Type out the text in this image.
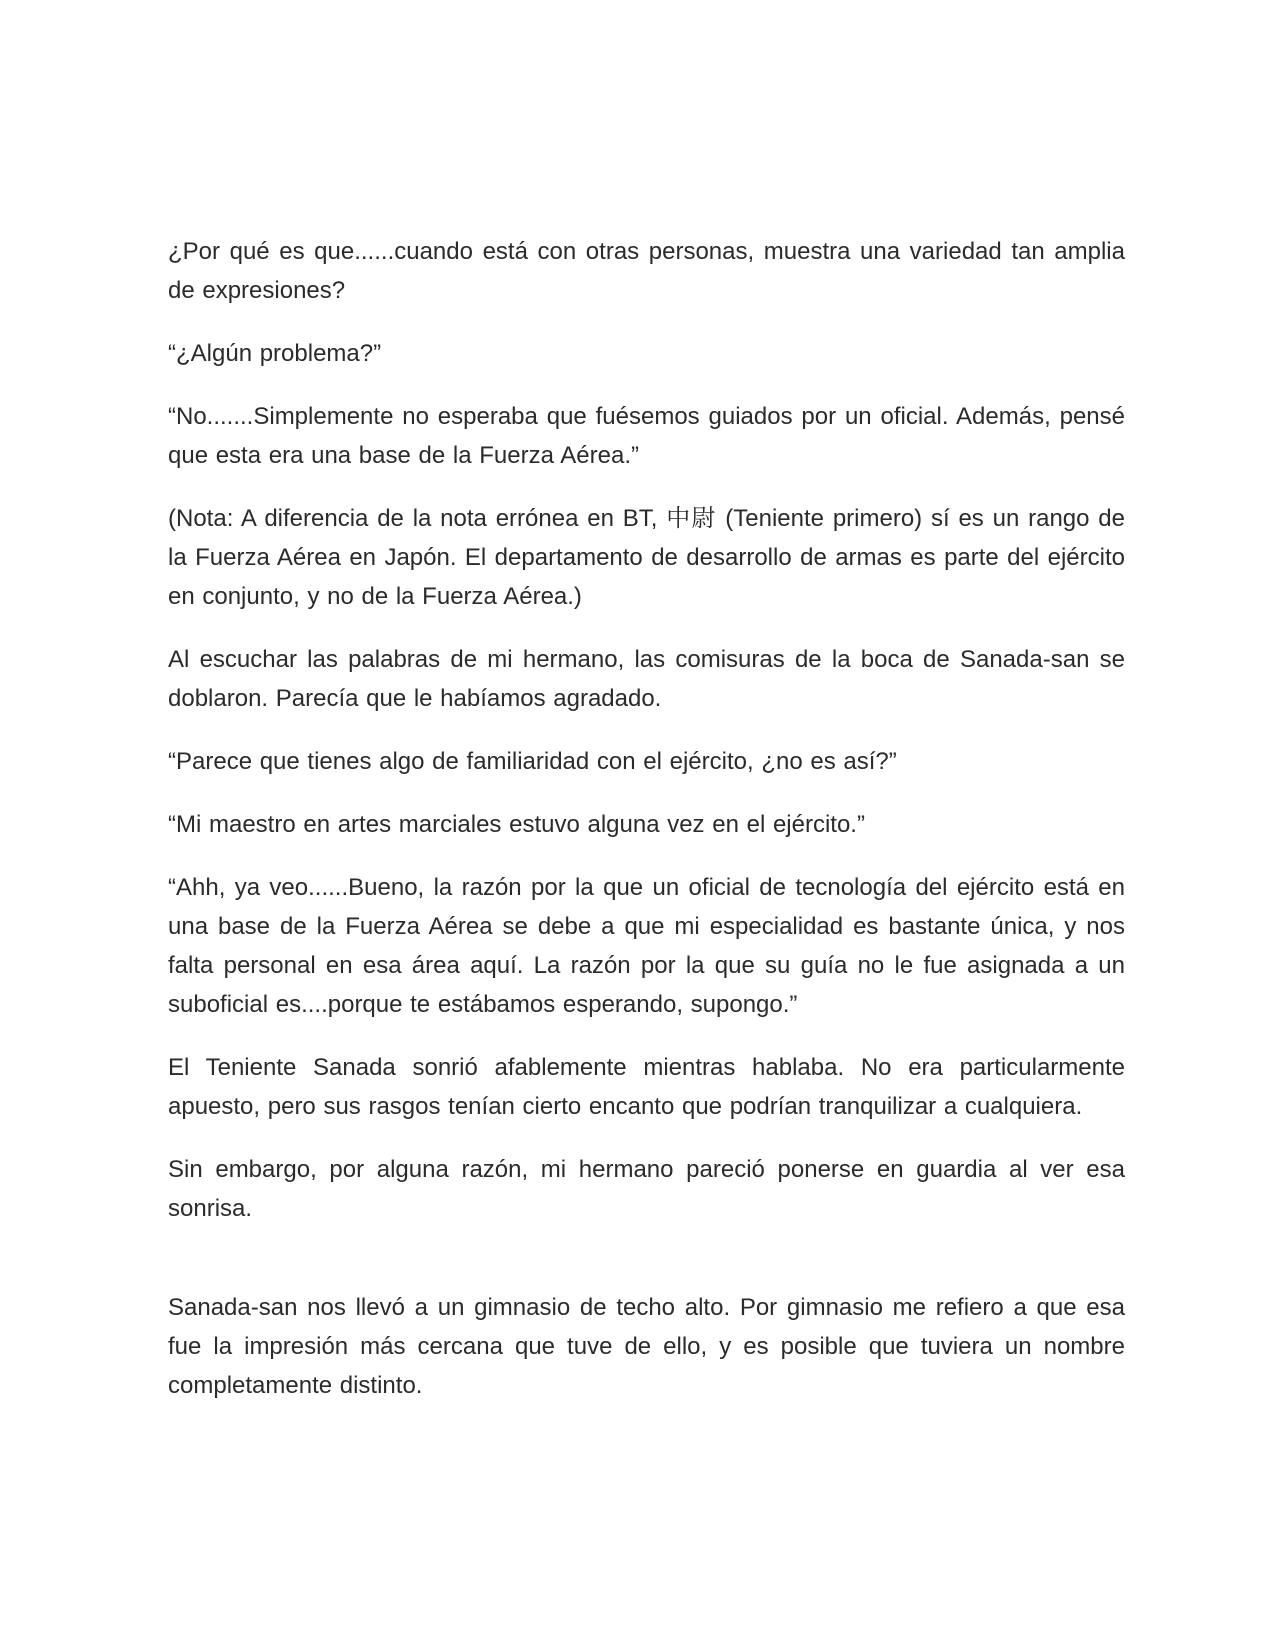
¿Por qué es que......cuando está con otras personas, muestra una variedad tan amplia de expresiones?

“¿Algún problema?”

“No.......Simplemente no esperaba que fuésemos guiados por un oficial. Además, pensé que esta era una base de la Fuerza Aérea.”

(Nota: A diferencia de la nota errónea en BT, 中尉 (Teniente primero) sí es un rango de la Fuerza Aérea en Japón. El departamento de desarrollo de armas es parte del ejército en conjunto, y no de la Fuerza Aérea.)

Al escuchar las palabras de mi hermano, las comisuras de la boca de Sanada-san se doblaron. Parecía que le habíamos agradado.

“Parece que tienes algo de familiaridad con el ejército, ¿no es así?”

“Mi maestro en artes marciales estuvo alguna vez en el ejército.”

“Ahh, ya veo......Bueno, la razón por la que un oficial de tecnología del ejército está en una base de la Fuerza Aérea se debe a que mi especialidad es bastante única, y nos falta personal en esa área aquí. La razón por la que su guía no le fue asignada a un suboficial es....porque te estábamos esperando, supongo.”

El Teniente Sanada sonrió afablemente mientras hablaba. No era particularmente apuesto, pero sus rasgos tenían cierto encanto que podrían tranquilizar a cualquiera.

Sin embargo, por alguna razón, mi hermano pareció ponerse en guardia al ver esa sonrisa.

Sanada-san nos llevó a un gimnasio de techo alto. Por gimnasio me refiero a que esa fue la impresión más cercana que tuve de ello, y es posible que tuviera un nombre completamente distinto.
